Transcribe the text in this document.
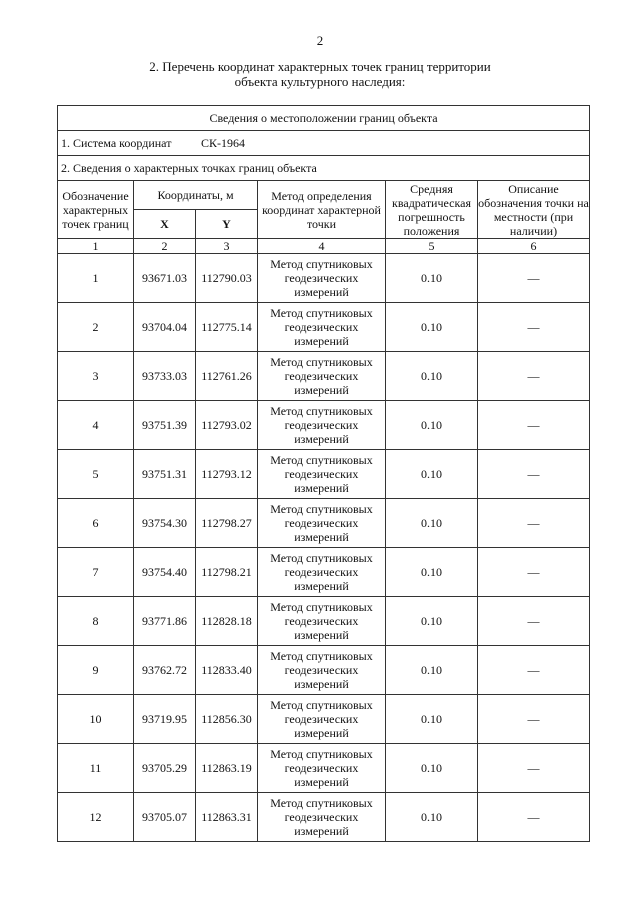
2
2. Перечень координат характерных точек границ территории
объекта культурного наследия:
Сведения о местоположении границ объекта					
1. Система координат СК-1964					
2. Сведения о характерных точках границ объекта					
Обозначение характерных точек границ	Координаты, м		Метод определения координат характерной точки	Средняя квадратическая погрешность положения	Описание обозначения точки на местности (при наличии)
	X	Y			
1	2	3	4	5	6
1	93671.03	112790.03	Метод спутниковых геодезических измерений	0.10	—
2	93704.04	112775.14	Метод спутниковых геодезических измерений	0.10	—
3	93733.03	112761.26	Метод спутниковых геодезических измерений	0.10	—
4	93751.39	112793.02	Метод спутниковых геодезических измерений	0.10	—
5	93751.31	112793.12	Метод спутниковых геодезических измерений	0.10	—
6	93754.30	112798.27	Метод спутниковых геодезических измерений	0.10	—
7	93754.40	112798.21	Метод спутниковых геодезических измерений	0.10	—
8	93771.86	112828.18	Метод спутниковых геодезических измерений	0.10	—
9	93762.72	112833.40	Метод спутниковых геодезических измерений	0.10	—
10	93719.95	112856.30	Метод спутниковых геодезических измерений	0.10	—
11	93705.29	112863.19	Метод спутниковых геодезических измерений	0.10	—
12	93705.07	112863.31	Метод спутниковых геодезических измерений	0.10	—
